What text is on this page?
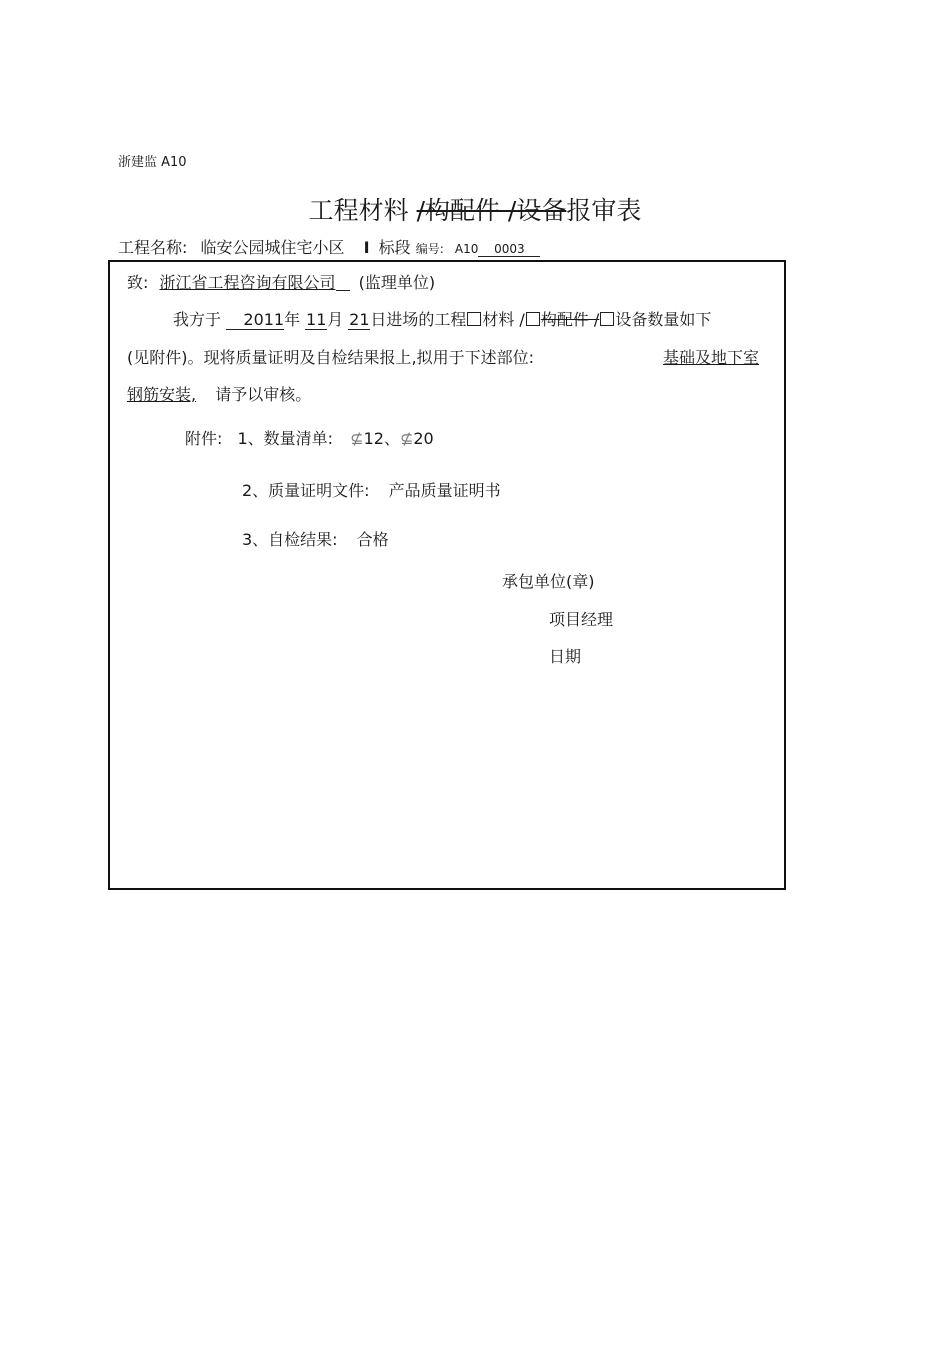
浙建监 A10
工程材料 /构配件 /设备报审表
工程名称: 临安公园城住宅小区 Ⅰ 标段 编号: A10 0003
致: 浙江省工程咨询有限公司 (监理单位)
我方于 2011年 11月 21日进场的工程 材料 / 构配件 / 设备数量如下
(见附件)。现将质量证明及自检结果报上,拟用于下述部位:	基础及地下室
钢筋安装, 请予以审核。
附件: 1、数量清单: ⊈12、⊈20
2、质量证明文件: 产品质量证明书
3、自检结果: 合格
承包单位(章)
项目经理
日期
